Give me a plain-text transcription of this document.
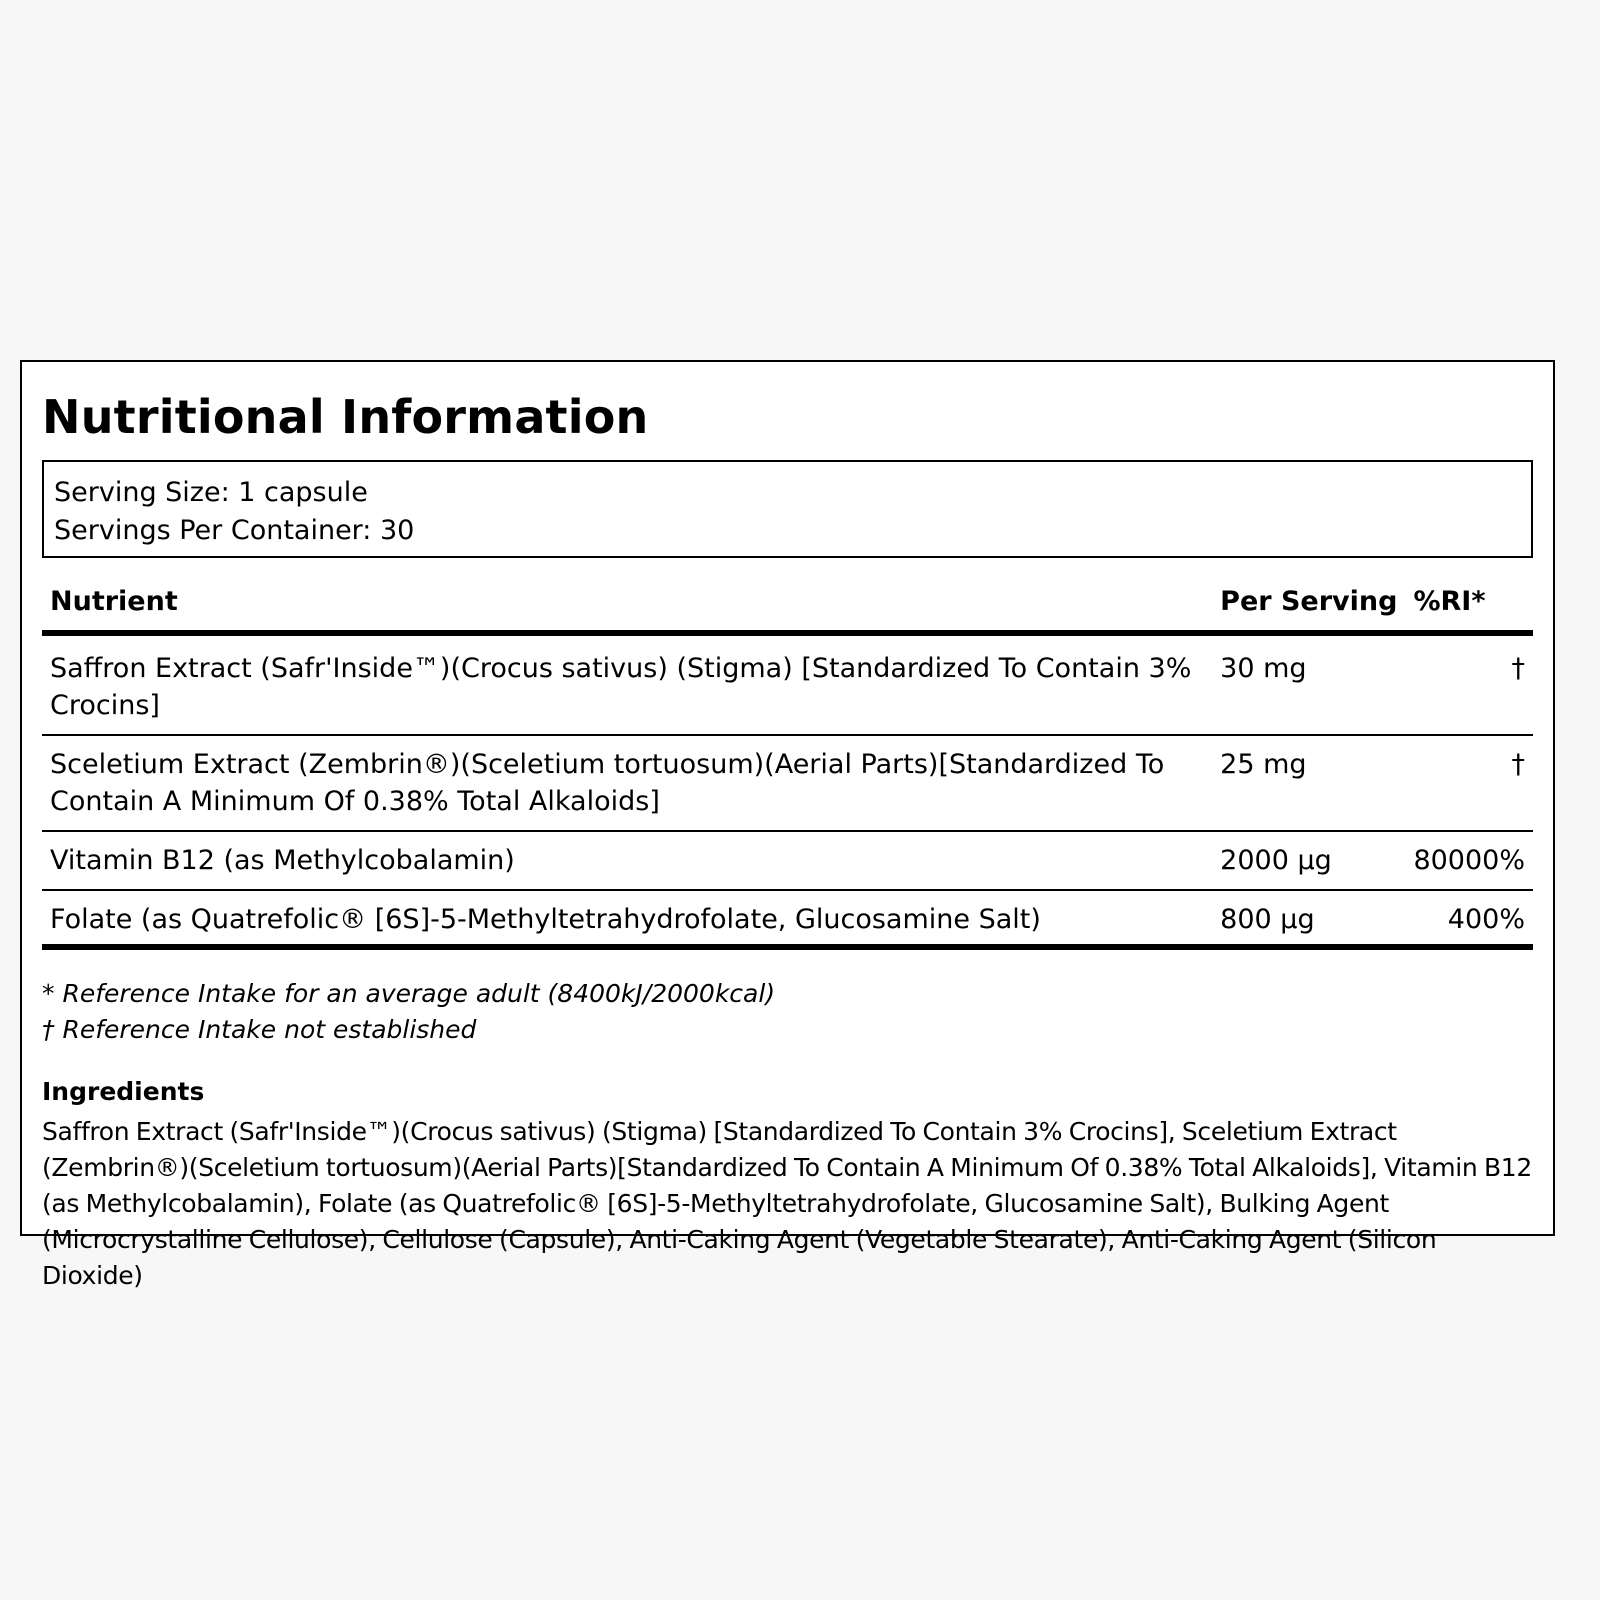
Nutritional Information
Serving Size: 1 capsule
Servings Per Container: 30
Nutrient	Per Serving	%RI*
Saffron Extract (Safr'Inside™)(Crocus sativus) (Stigma) [Standardized To Contain 3% Crocins]	30 mg	†
Sceletium Extract (Zembrin®)(Sceletium tortuosum)(Aerial Parts)[Standardized To Contain A Minimum Of 0.38% Total Alkaloids]	25 mg	†
Vitamin B12 (as Methylcobalamin)	2000 µg	80000%
Folate (as Quatrefolic® [6S]-5-Methyltetrahydrofolate, Glucosamine Salt)	800 µg	400%
* Reference Intake for an average adult (8400kJ/2000kcal)
† Reference Intake not established
Ingredients
Saffron Extract (Safr'Inside™)(Crocus sativus) (Stigma) [Standardized To Contain 3% Crocins], Sceletium Extract (Zembrin®)(Sceletium tortuosum)(Aerial Parts)[Standardized To Contain A Minimum Of 0.38% Total Alkaloids], Vitamin B12 (as Methylcobalamin), Folate (as Quatrefolic® [6S]-5-Methyltetrahydrofolate, Glucosamine Salt), Bulking Agent (Microcrystalline Cellulose), Cellulose (Capsule), Anti-Caking Agent (Vegetable Stearate), Anti-Caking Agent (Silicon Dioxide)
